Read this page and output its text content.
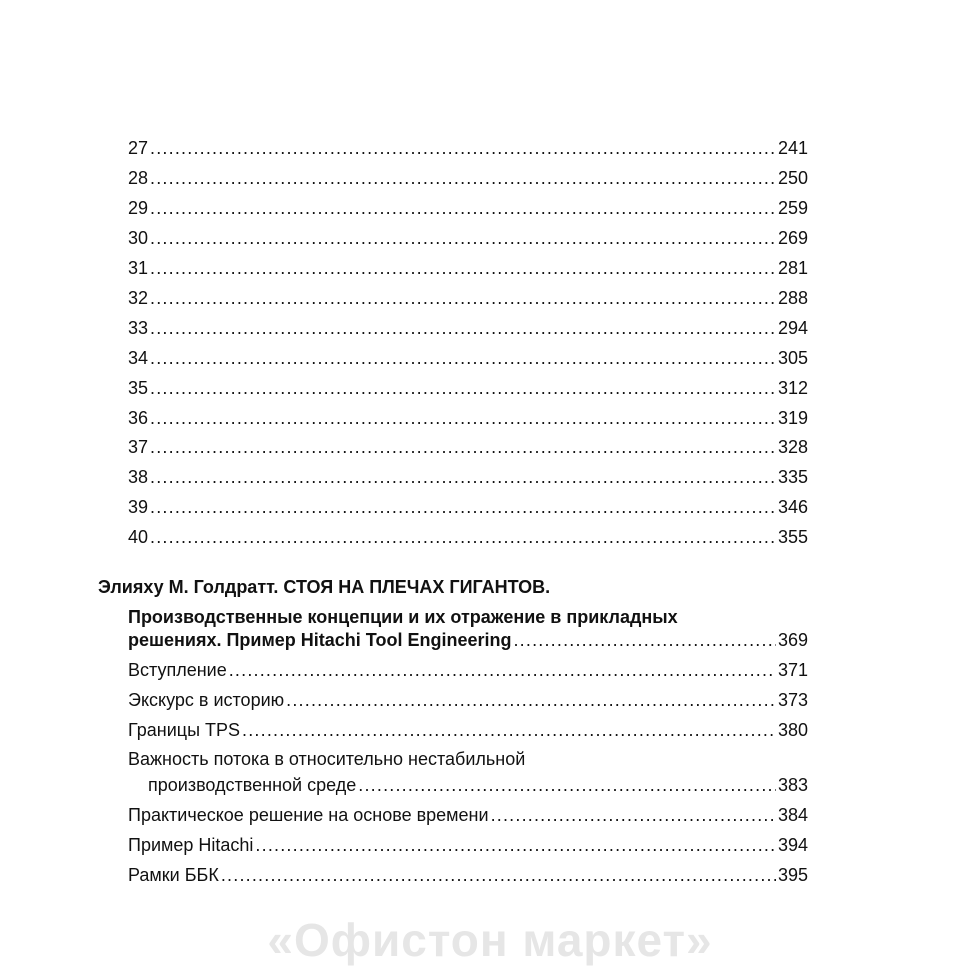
27 .....	241
28 .....	250
29 .....	259
30 .....	269
31 .....	281
32 .....	288
33 .....	294
34 .....	305
35 .....	312
36 .....	319
37 .....	328
38 .....	335
39 .....	346
40 .....	355
Элияху М. Голдратт. СТОЯ НА ПЛЕЧАХ ГИГАНТОВ.
Производственные концепции и их отражение в прикладных
решениях. Пример Hitachi Tool Engineering .....	369
Вступление .....	371
Экскурс в историю .....	373
Границы TPS .....	380
Важность потока в относительно нестабильной
производственной среде .....	383
Практическое решение на основе времени .....	384
Пример Hitachi .....	394
Рамки ББК .....	395
«Офистон маркет»
